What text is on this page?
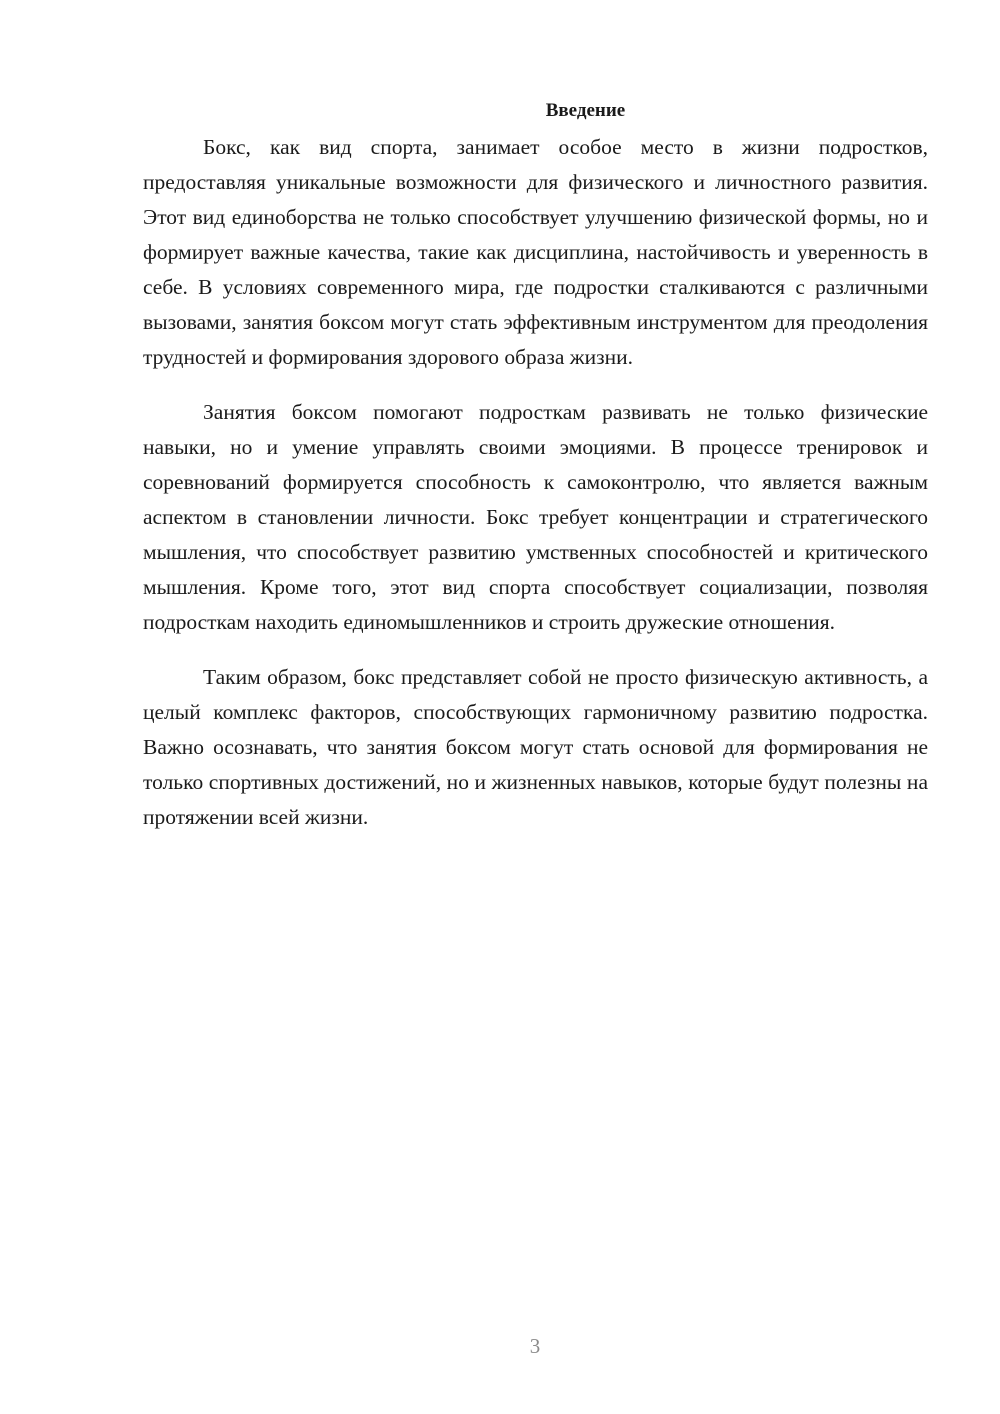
Введение

Бокс, как вид спорта, занимает особое место в жизни подростков, предоставляя уникальные возможности для физического и личностного развития. Этот вид единоборства не только способствует улучшению физической формы, но и формирует важные качества, такие как дисциплина, настойчивость и уверенность в себе. В условиях современного мира, где подростки сталкиваются с различными вызовами, занятия боксом могут стать эффективным инструментом для преодоления трудностей и формирования здорового образа жизни.

Занятия боксом помогают подросткам развивать не только физические навыки, но и умение управлять своими эмоциями. В процессе тренировок и соревнований формируется способность к самоконтролю, что является важным аспектом в становлении личности. Бокс требует концентрации и стратегического мышления, что способствует развитию умственных способностей и критического мышления. Кроме того, этот вид спорта способствует социализации, позволяя подросткам находить единомышленников и строить дружеские отношения.

Таким образом, бокс представляет собой не просто физическую активность, а целый комплекс факторов, способствующих гармоничному развитию подростка. Важно осознавать, что занятия боксом могут стать основой для формирования не только спортивных достижений, но и жизненных навыков, которые будут полезны на протяжении всей жизни.

3
